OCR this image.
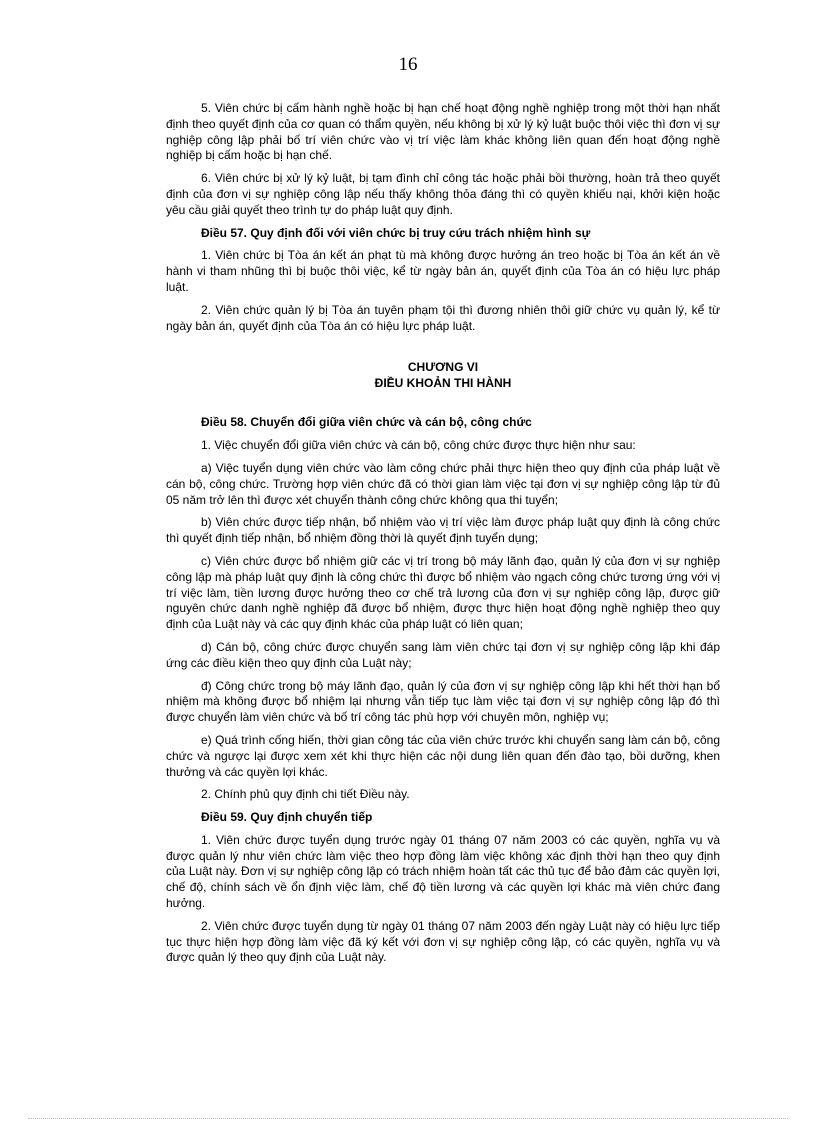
16

5. Viên chức bị cấm hành nghề hoặc bị hạn chế hoạt động nghề nghiệp trong một thời hạn nhất định theo quyết định của cơ quan có thẩm quyền, nếu không bị xử lý kỷ luật buộc thôi việc thì đơn vị sự nghiệp công lập phải bố trí viên chức vào vị trí việc làm khác không liên quan đến hoạt động nghề nghiệp bị cấm hoặc bị hạn chế.

6. Viên chức bị xử lý kỷ luật, bị tạm đình chỉ công tác hoặc phải bồi thường, hoàn trả theo quyết định của đơn vị sự nghiệp công lập nếu thấy không thỏa đáng thì có quyền khiếu nại, khởi kiện hoặc yêu cầu giải quyết theo trình tự do pháp luật quy định.

Điều 57. Quy định đối với viên chức bị truy cứu trách nhiệm hình sự

1. Viên chức bị Tòa án kết án phạt tù mà không được hưởng án treo hoặc bị Tòa án kết án về hành vi tham nhũng thì bị buộc thôi việc, kể từ ngày bản án, quyết định của Tòa án có hiệu lực pháp luật.

2. Viên chức quản lý bị Tòa án tuyên phạm tội thì đương nhiên thôi giữ chức vụ quản lý, kể từ ngày bản án, quyết định của Tòa án có hiệu lực pháp luật.

CHƯƠNG VI
ĐIỀU KHOẢN THI HÀNH

Điều 58. Chuyển đổi giữa viên chức và cán bộ, công chức

1. Việc chuyển đổi giữa viên chức và cán bộ, công chức được thực hiện như sau:

a) Việc tuyển dụng viên chức vào làm công chức phải thực hiện theo quy định của pháp luật về cán bộ, công chức. Trường hợp viên chức đã có thời gian làm việc tại đơn vị sự nghiệp công lập từ đủ 05 năm trở lên thì được xét chuyển thành công chức không qua thi tuyển;

b) Viên chức được tiếp nhận, bổ nhiệm vào vị trí việc làm được pháp luật quy định là công chức thì quyết định tiếp nhận, bổ nhiệm đồng thời là quyết định tuyển dụng;

c) Viên chức được bổ nhiệm giữ các vị trí trong bộ máy lãnh đạo, quản lý của đơn vị sự nghiệp công lập mà pháp luật quy định là công chức thì được bổ nhiệm vào ngạch công chức tương ứng với vị trí việc làm, tiền lương được hưởng theo cơ chế trả lương của đơn vị sự nghiệp công lập, được giữ nguyên chức danh nghề nghiệp đã được bổ nhiệm, được thực hiện hoạt động nghề nghiệp theo quy định của Luật này và các quy định khác của pháp luật có liên quan;

d) Cán bộ, công chức được chuyển sang làm viên chức tại đơn vị sự nghiệp công lập khi đáp ứng các điều kiện theo quy định của Luật này;

đ) Công chức trong bộ máy lãnh đạo, quản lý của đơn vị sự nghiệp công lập khi hết thời hạn bổ nhiệm mà không được bổ nhiệm lại nhưng vẫn tiếp tục làm việc tại đơn vị sự nghiệp công lập đó thì được chuyển làm viên chức và bố trí công tác phù hợp với chuyên môn, nghiệp vụ;

e) Quá trình cống hiến, thời gian công tác của viên chức trước khi chuyển sang làm cán bộ, công chức và ngược lại được xem xét khi thực hiện các nội dung liên quan đến đào tạo, bồi dưỡng, khen thưởng và các quyền lợi khác.

2. Chính phủ quy định chi tiết Điều này.

Điều 59. Quy định chuyển tiếp

1. Viên chức được tuyển dụng trước ngày 01 tháng 07 năm 2003 có các quyền, nghĩa vụ và được quản lý như viên chức làm việc theo hợp đồng làm việc không xác định thời hạn theo quy định của Luật này. Đơn vị sự nghiệp công lập có trách nhiệm hoàn tất các thủ tục để bảo đảm các quyền lợi, chế độ, chính sách về ổn định việc làm, chế độ tiền lương và các quyền lợi khác mà viên chức đang hưởng.

2. Viên chức được tuyển dụng từ ngày 01 tháng 07 năm 2003 đến ngày Luật này có hiệu lực tiếp tục thực hiện hợp đồng làm việc đã ký kết với đơn vị sự nghiệp công lập, có các quyền, nghĩa vụ và được quản lý theo quy định của Luật này.
